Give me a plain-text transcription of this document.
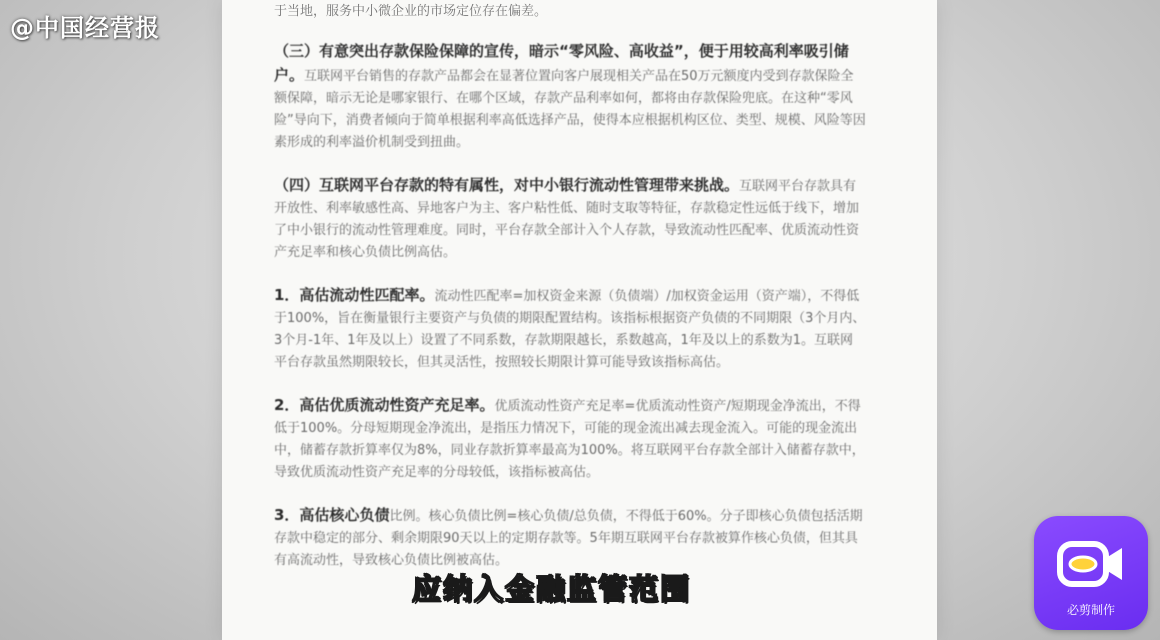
@中国经营报
于当地，服务中小微企业的市场定位存在偏差。

（三）有意突出存款保险保障的宣传，暗示“零风险、高收益”，便于用较高利率吸引储户。互联网平台销售的存款产品都会在显著位置向客户展现相关产品在50万元额度内受到存款保险全额保障，暗示无论是哪家银行、在哪个区域，存款产品利率如何，都将由存款保险兜底。在这种“零风险”导向下，消费者倾向于简单根据利率高低选择产品，使得本应根据机构区位、类型、规模、风险等因素形成的利率溢价机制受到扭曲。

（四）互联网平台存款的特有属性，对中小银行流动性管理带来挑战。互联网平台存款具有开放性、利率敏感性高、异地客户为主、客户粘性低、随时支取等特征，存款稳定性远低于线下，增加了中小银行的流动性管理难度。同时，平台存款全部计入个人存款，导致流动性匹配率、优质流动性资产充足率和核心负债比例高估。

1．高估流动性匹配率。流动性匹配率=加权资金来源（负债端）/加权资金运用（资产端），不得低于100%，旨在衡量银行主要资产与负债的期限配置结构。该指标根据资产负债的不同期限（3个月内、3个月-1年、1年及以上）设置了不同系数，存款期限越长，系数越高，1年及以上的系数为1。互联网平台存款虽然期限较长，但其灵活性，按照较长期限计算可能导致该指标高估。

2．高估优质流动性资产充足率。优质流动性资产充足率=优质流动性资产/短期现金净流出，不得低于100%。分母短期现金净流出，是指压力情况下，可能的现金流出减去现金流入。可能的现金流出中，储蓄存款折算率仅为8%，同业存款折算率最高为100%。将互联网平台存款全部计入储蓄存款中，导致优质流动性资产充足率的分母较低，该指标被高估。

3．高估核心负债比例。核心负债比例=核心负债/总负债，不得低于60%。分子即核心负债包括活期存款中稳定的部分、剩余期限90天以上的定期存款等。5年期互联网平台存款被算作核心负债，但其具有高流动性，导致核心负债比例被高估。

应纳入金融监管范围
必剪制作
